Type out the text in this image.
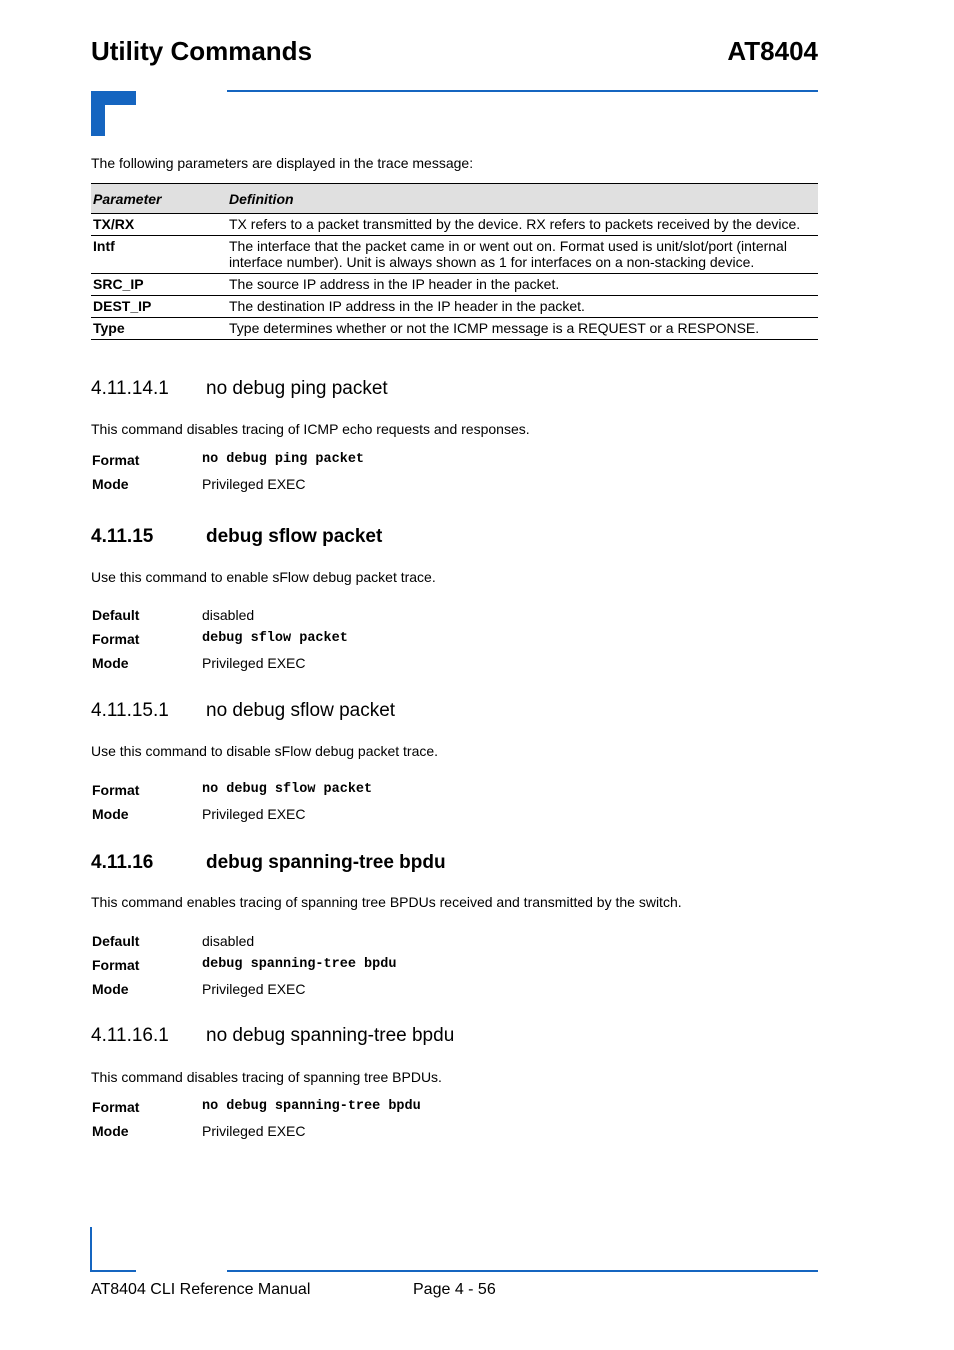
Utility Commands	AT8404
The following parameters are displayed in the trace message:
Parameter	Definition
TX/RX	TX refers to a packet transmitted by the device. RX refers to packets received by the device.
Intf	The interface that the packet came in or went out on. Format used is unit/slot/port (internal interface number). Unit is always shown as 1 for interfaces on a non-stacking device.
SRC_IP	The source IP address in the IP header in the packet.
DEST_IP	The destination IP address in the IP header in the packet.
Type	Type determines whether or not the ICMP message is a REQUEST or a RESPONSE.
4.11.14.1 no debug ping packet
This command disables tracing of ICMP echo requests and responses.
Format	no debug ping packet
Mode	Privileged EXEC
4.11.15	debug sflow packet
Use this command to enable sFlow debug packet trace.
Default	disabled
Format	debug sflow packet
Mode	Privileged EXEC
4.11.15.1 no debug sflow packet
Use this command to disable sFlow debug packet trace.
Format	no debug sflow packet
Mode	Privileged EXEC
4.11.16	debug spanning-tree bpdu
This command enables tracing of spanning tree BPDUs received and transmitted by the switch.
Default	disabled
Format	debug spanning-tree bpdu
Mode	Privileged EXEC
4.11.16.1 no debug spanning-tree bpdu
This command disables tracing of spanning tree BPDUs.
Format	no debug spanning-tree bpdu
Mode	Privileged EXEC
AT8404 CLI Reference Manual	Page 4 - 56
